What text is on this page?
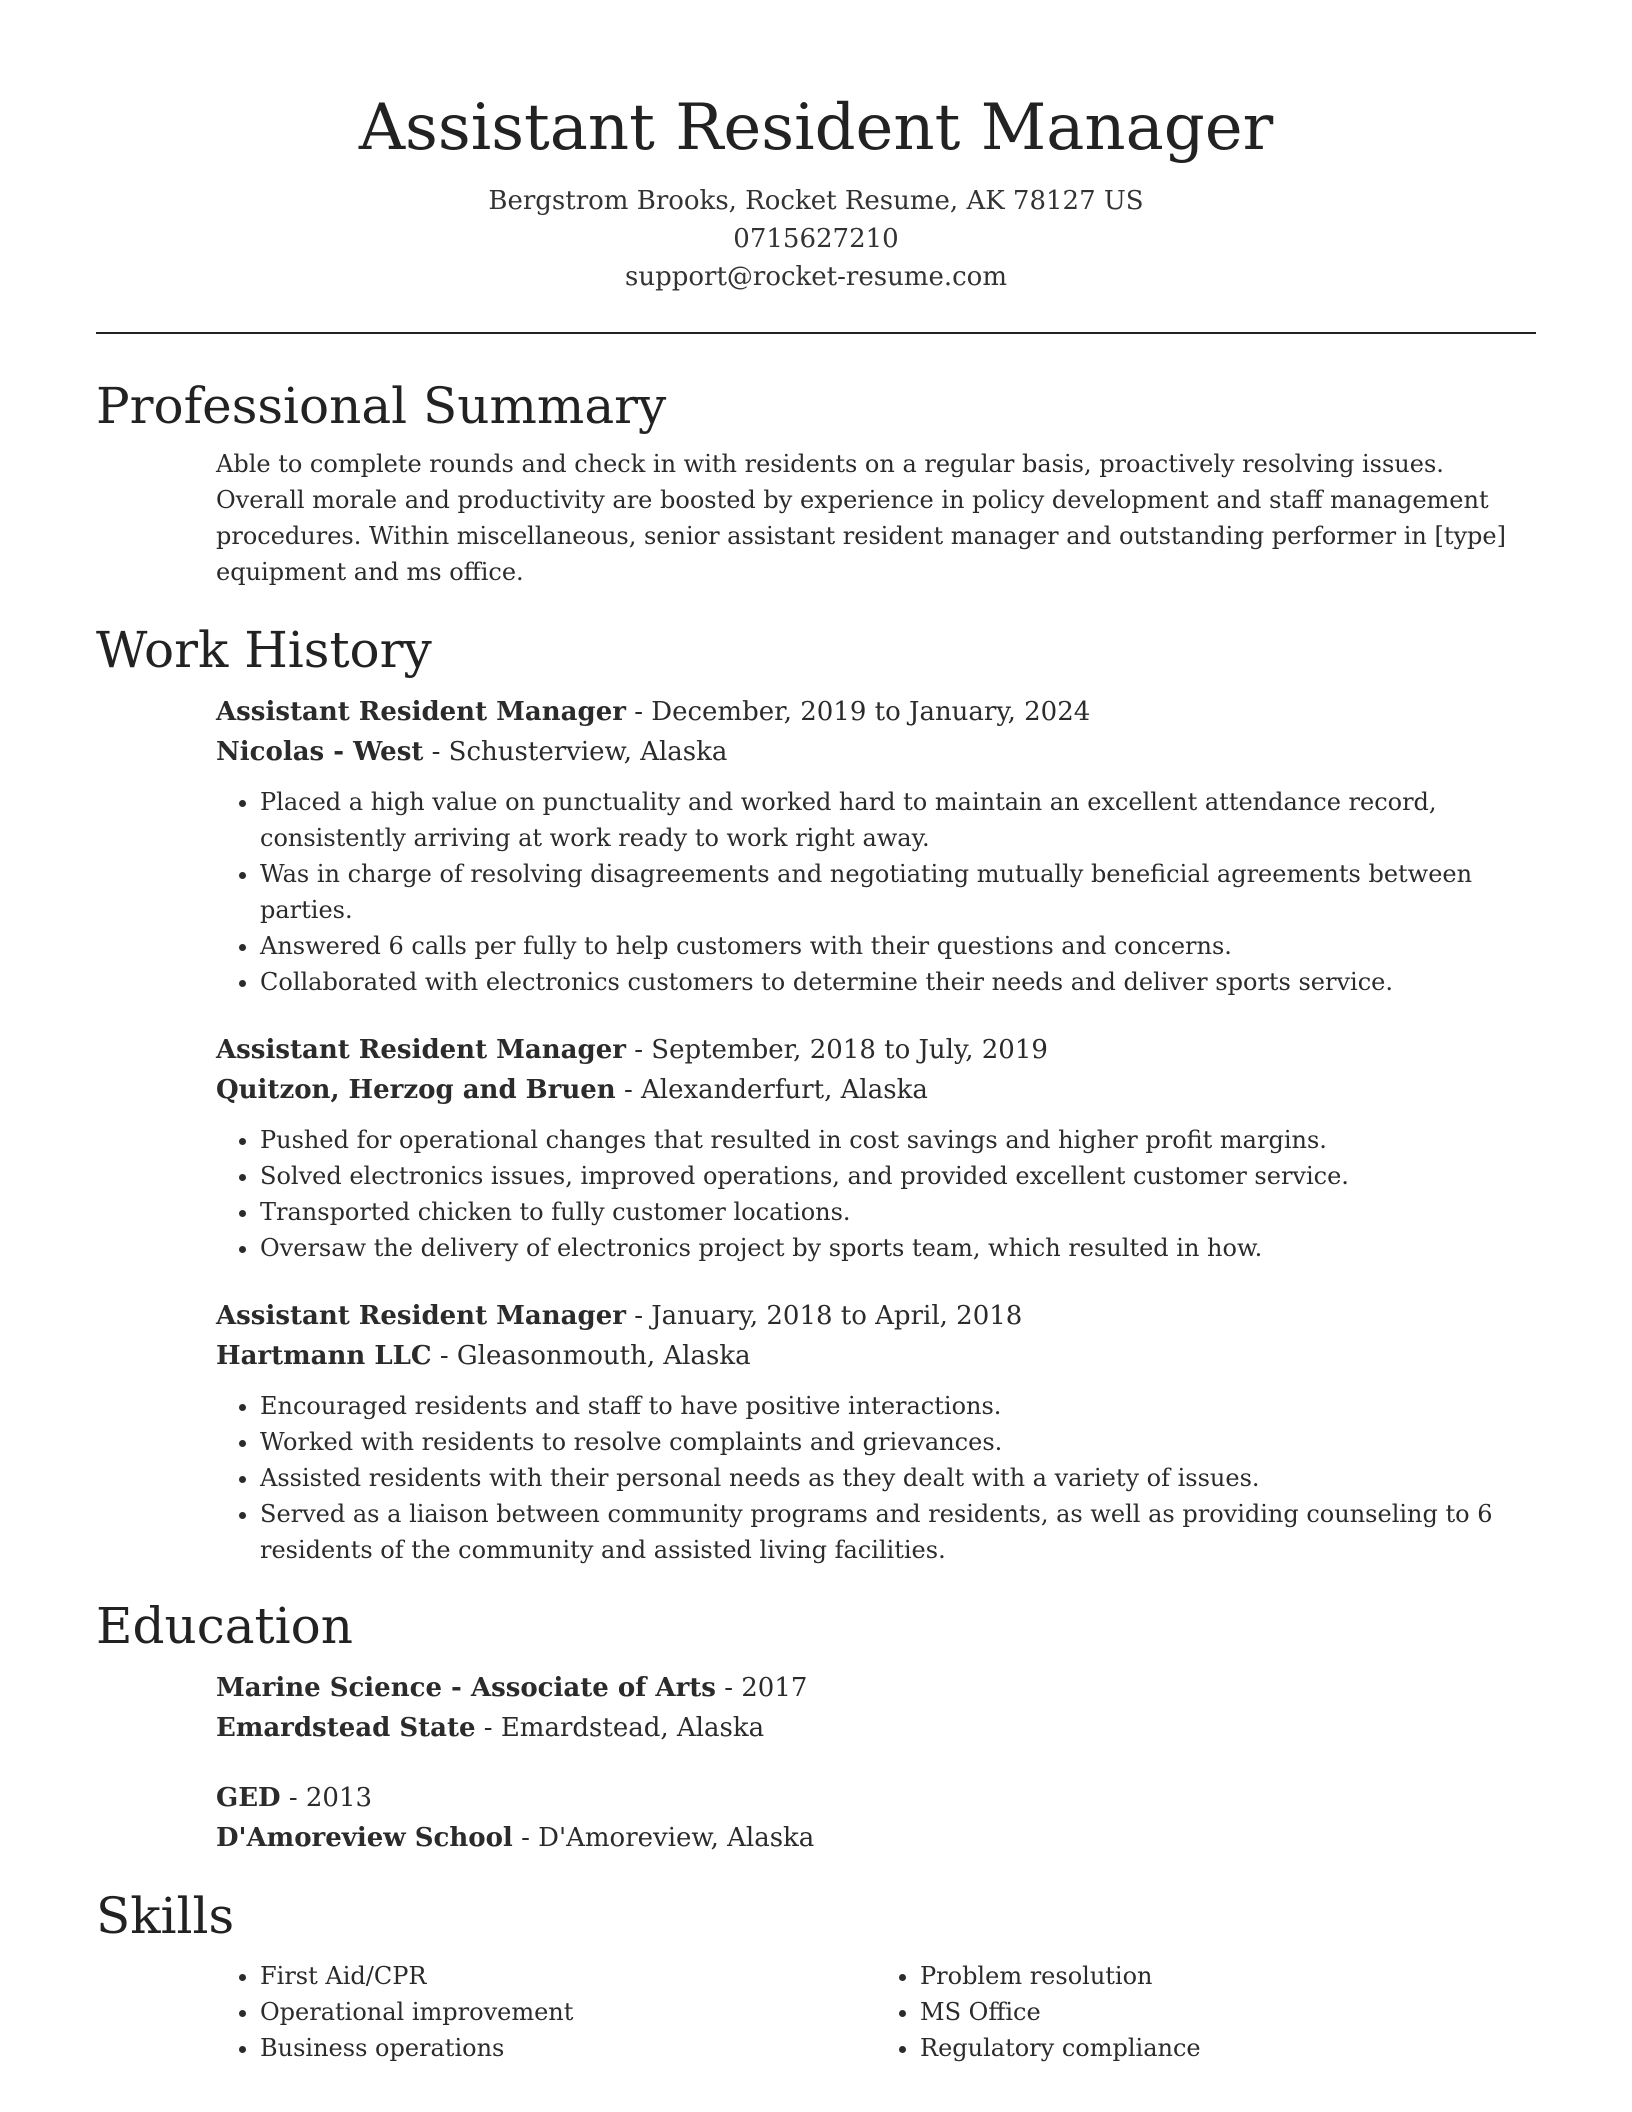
Assistant Resident Manager
Bergstrom Brooks, Rocket Resume, AK 78127 US
0715627210
support@rocket-resume.com
Professional Summary

Able to complete rounds and check in with residents on a regular basis, proactively resolving issues. Overall morale and productivity are boosted by experience in policy development and staff management procedures. Within miscellaneous, senior assistant resident manager and outstanding performer in [type] equipment and ms office.

Work History
Assistant Resident Manager - December, 2019 to January, 2024
Nicolas - West - Schusterview, Alaska
• Placed a high value on punctuality and worked hard to maintain an excellent attendance record, consistently arriving at work ready to work right away.
• Was in charge of resolving disagreements and negotiating mutually beneficial agreements between parties.
• Answered 6 calls per fully to help customers with their questions and concerns.
• Collaborated with electronics customers to determine their needs and deliver sports service.
Assistant Resident Manager - September, 2018 to July, 2019
Quitzon, Herzog and Bruen - Alexanderfurt, Alaska
• Pushed for operational changes that resulted in cost savings and higher profit margins.
• Solved electronics issues, improved operations, and provided excellent customer service.
• Transported chicken to fully customer locations.
• Oversaw the delivery of electronics project by sports team, which resulted in how.
Assistant Resident Manager - January, 2018 to April, 2018
Hartmann LLC - Gleasonmouth, Alaska
• Encouraged residents and staff to have positive interactions.
• Worked with residents to resolve complaints and grievances.
• Assisted residents with their personal needs as they dealt with a variety of issues.
• Served as a liaison between community programs and residents, as well as providing counseling to 6 residents of the community and assisted living facilities.
Education
Marine Science - Associate of Arts - 2017
Emardstead State - Emardstead, Alaska
GED - 2013
D'Amoreview School - D'Amoreview, Alaska
Skills
• First Aid/CPR
• Operational improvement
• Business operations
• Problem resolution
• MS Office
• Regulatory compliance
